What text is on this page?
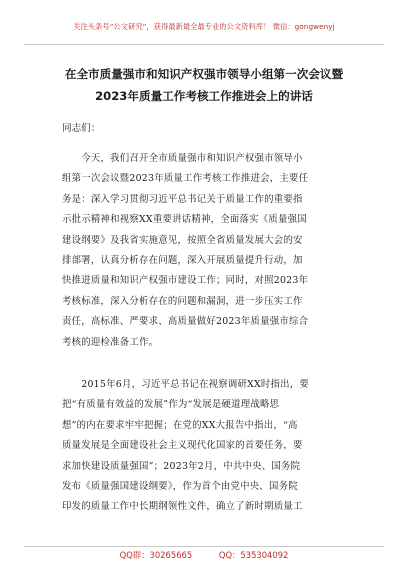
关注头条号“公文研究”，获得最新最全最专业的公文资料库！ 微信：gongwenyj
在全市质量强市和知识产权强市领导小组第一次会议暨
2023年质量工作考核工作推进会上的讲话
同志们：
　　今天，我们召开全市质量强市和知识产权强市领导小
组第一次会议暨2023年质量工作考核工作推进会，主要任
务是：深入学习贯彻习近平总书记关于质量工作的重要指
示批示精神和视察XX重要讲话精神，全面落实《质量强国
建设纲要》及我省实施意见，按照全省质量发展大会的安
排部署，认真分析存在问题，深入开展质量提升行动，加
快推进质量和知识产权强市建设工作；同时，对照2023年
考核标准，深入分析存在的问题和漏洞，进一步压实工作
责任，高标准、严要求、高质量做好2023年质量强市综合
考核的迎检准备工作。
　　2015年6月，习近平总书记在视察调研XX时指出，要
把“有质量有效益的发展”作为“发展是硬道理战略思
想”的内在要求牢牢把握；在党的XX大报告中指出，“高
质量发展是全面建设社会主义现代化国家的首要任务，要
求加快建设质量强国”；2023年2月，中共中央、国务院
发布《质量强国建设纲要》，作为首个由党中央、国务院
印发的质量工作中长期纲领性文件，确立了新时期质量工
QQ群：30265665	QQ：535304092
